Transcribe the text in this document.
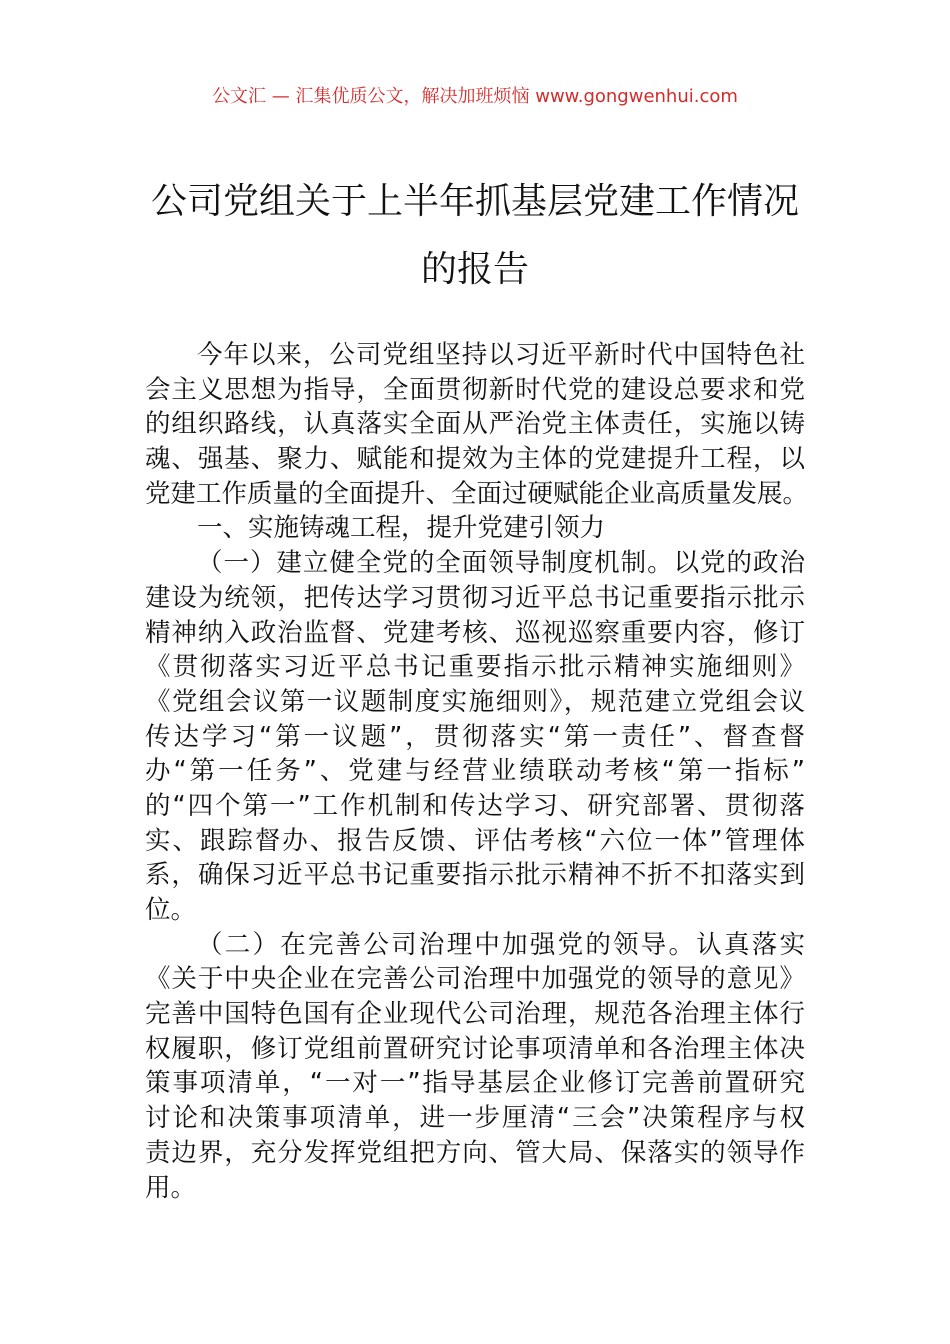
公文汇 — 汇集优质公文，解决加班烦恼 www.gongwenhui.com
公司党组关于上半年抓基层党建工作情况
的报告
今年以来，公司党组坚持以习近平新时代中国特色社
会主义思想为指导，全面贯彻新时代党的建设总要求和党
的组织路线，认真落实全面从严治党主体责任，实施以铸
魂、强基、聚力、赋能和提效为主体的党建提升工程，以
党建工作质量的全面提升、全面过硬赋能企业高质量发展。
一、实施铸魂工程，提升党建引领力
（一）建立健全党的全面领导制度机制。以党的政治
建设为统领，把传达学习贯彻习近平总书记重要指示批示
精神纳入政治监督、党建考核、巡视巡察重要内容，修订
《贯彻落实习近平总书记重要指示批示精神实施细则》
《党组会议第一议题制度实施细则》，规范建立党组会议
传达学习“第一议题”，贯彻落实“第一责任”、督查督
办“第一任务”、党建与经营业绩联动考核“第一指标”
的“四个第一”工作机制和传达学习、研究部署、贯彻落
实、跟踪督办、报告反馈、评估考核“六位一体”管理体
系，确保习近平总书记重要指示批示精神不折不扣落实到
位。
（二）在完善公司治理中加强党的领导。认真落实
《关于中央企业在完善公司治理中加强党的领导的意见》
完善中国特色国有企业现代公司治理，规范各治理主体行
权履职，修订党组前置研究讨论事项清单和各治理主体决
策事项清单，“一对一”指导基层企业修订完善前置研究
讨论和决策事项清单，进一步厘清“三会”决策程序与权
责边界，充分发挥党组把方向、管大局、保落实的领导作
用。
